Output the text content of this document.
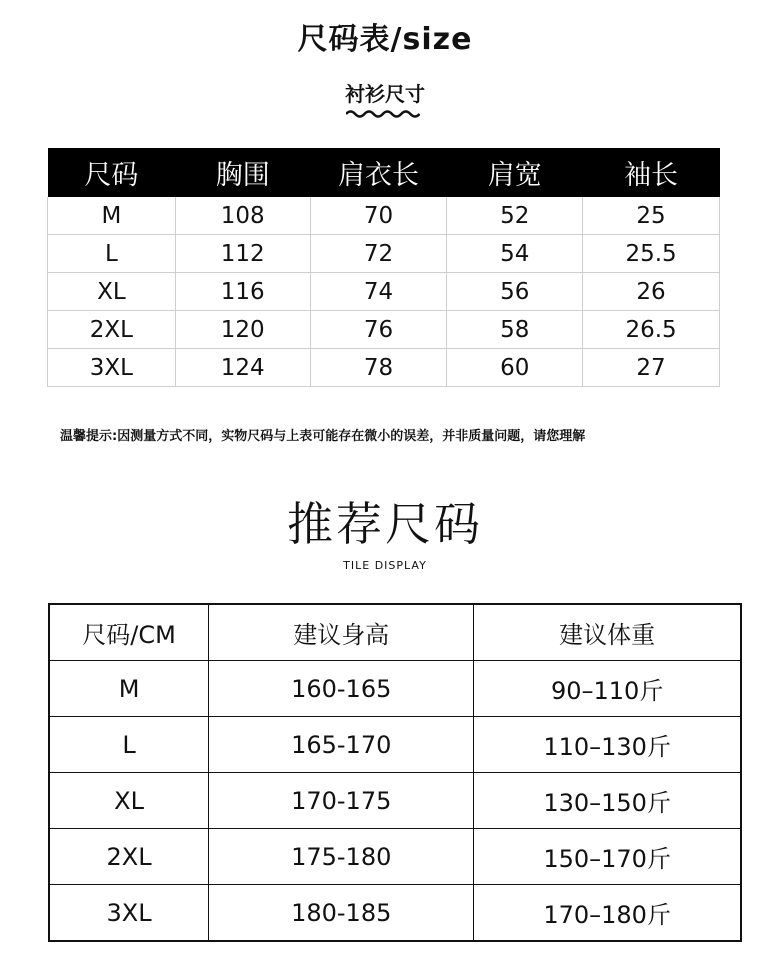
尺码表/size
衬衫尺寸
尺码	胸围	肩衣长	肩宽	袖长
M	108	70	52	25
L	112	72	54	25.5
XL	116	74	56	26
2XL	120	76	58	26.5
3XL	124	78	60	27
温馨提示:因测量方式不同，实物尺码与上表可能存在微小的误差，并非质量问题，请您理解
推荐尺码
TILE DISPLAY
尺码/CM	建议身高	建议体重
M	160-165	90–110斤
L	165-170	110–130斤
XL	170-175	130–150斤
2XL	175-180	150–170斤
3XL	180-185	170–180斤
